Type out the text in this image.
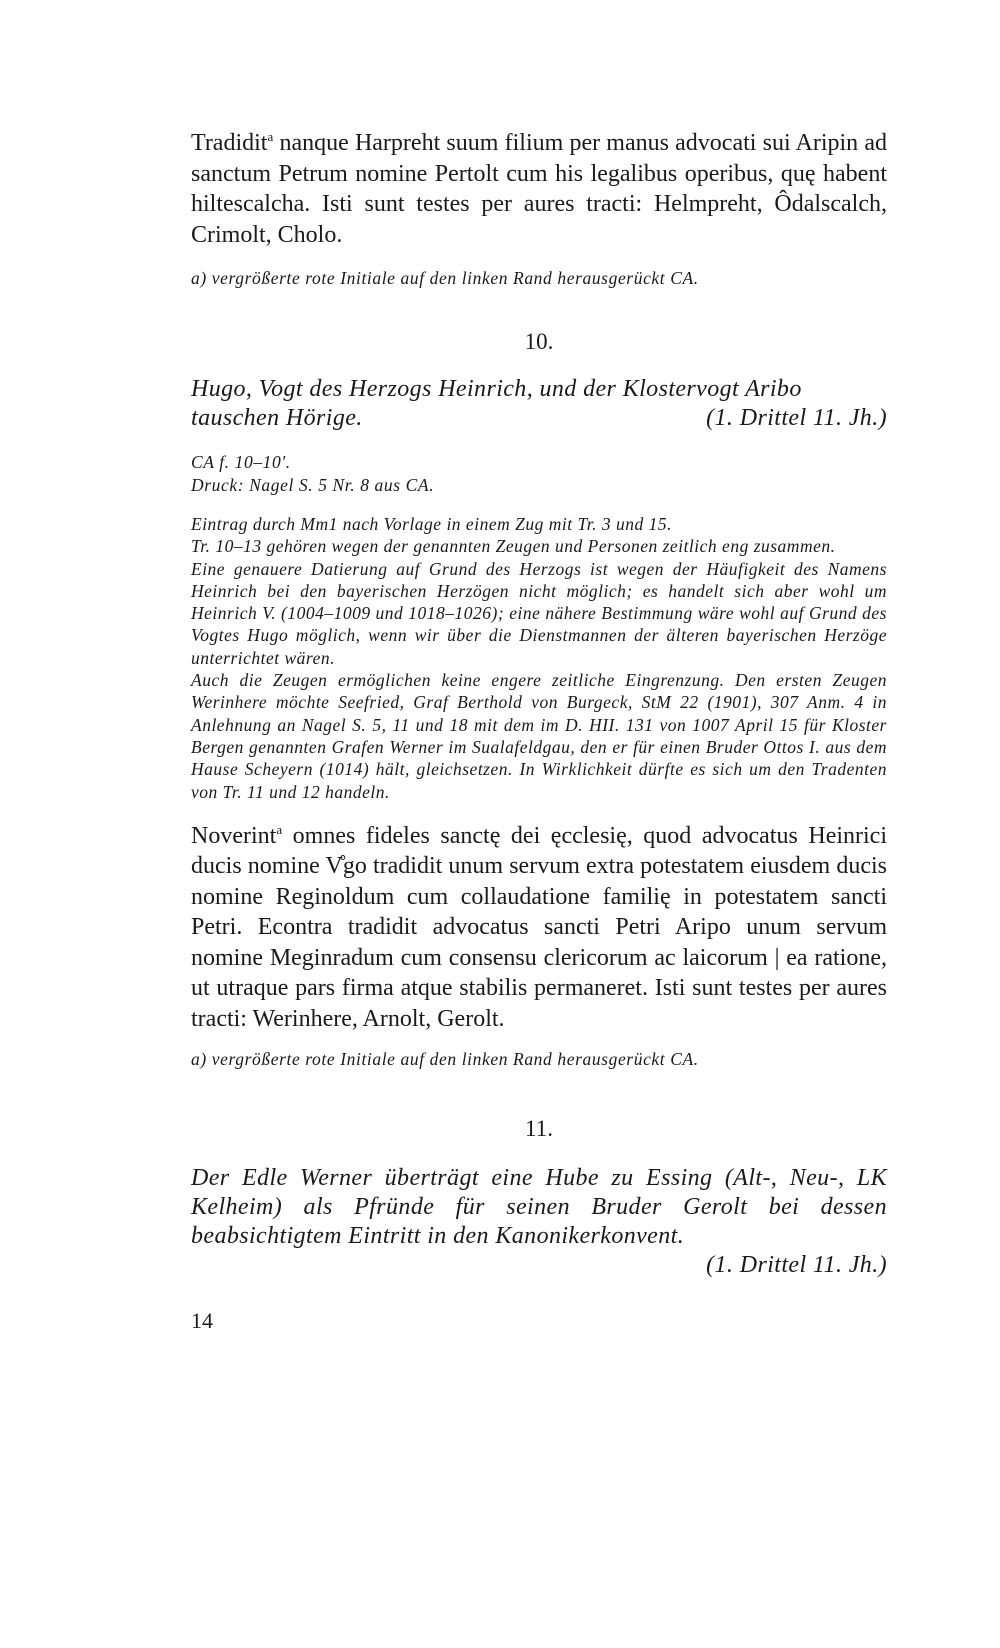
Tradidit$^a$ nanque Harpreht suum filium per manus advocati sui Aripin ad sanctum Petrum nomine Pertolt cum his legalibus operibus, quę habent hiltescalcha. Isti sunt testes per aures tracti: Helmpreht, Ôdalscalch, Crimolt, Cholo.

a) vergrößerte rote Initiale auf den linken Rand herausgerückt CA.

10.

Hugo, Vogt des Herzogs Heinrich, und der Klostervogt Aribo

tauschen Hörige.	(1. Drittel 11. Jh.)

CA f. 10–10'.

Druck: Nagel S. 5 Nr. 8 aus CA.

Eintrag durch Mm1 nach Vorlage in einem Zug mit Tr. 3 und 15.

Tr. 10–13 gehören wegen der genannten Zeugen und Personen zeitlich eng zusammen.

Eine genauere Datierung auf Grund des Herzogs ist wegen der Häufigkeit des Namens Heinrich bei den bayerischen Herzögen nicht möglich; es handelt sich aber wohl um Heinrich V. (1004–1009 und 1018–1026); eine nähere Bestimmung wäre wohl auf Grund des Vogtes Hugo möglich, wenn wir über die Dienstmannen der älteren bayerischen Herzöge unterrichtet wären.

Auch die Zeugen ermöglichen keine engere zeitliche Eingrenzung. Den ersten Zeugen Werinhere möchte Seefried, Graf Berthold von Burgeck, StM 22 (1901), 307 Anm. 4 in Anlehnung an Nagel S. 5, 11 und 18 mit dem im D. HII. 131 von 1007 April 15 für Kloster Bergen genannten Grafen Werner im Sualafeldgau, den er für einen Bruder Ottos I. aus dem Hause Scheyern (1014) hält, gleichsetzen. In Wirklichkeit dürfte es sich um den Tradenten von Tr. 11 und 12 handeln.

Noverint$^a$ omnes fideles sanctę dei ęcclesię, quod advocatus Heinrici ducis nomine V̊go tradidit unum servum extra potestatem eiusdem ducis nomine Reginoldum cum collaudatione familię in potestatem sancti Petri. Econtra tradidit advocatus sancti Petri Aripo unum servum nomine Meginradum cum consensu clericorum ac laicorum | ea ratione, ut utraque pars firma atque stabilis permaneret. Isti sunt testes per aures tracti: Werinhere, Arnolt, Gerolt.

a) vergrößerte rote Initiale auf den linken Rand herausgerückt CA.

11.

Der Edle Werner überträgt eine Hube zu Essing (Alt-, Neu-, LK Kelheim) als Pfründe für seinen Bruder Gerolt bei dessen beabsichtigtem Eintritt in den Kanonikerkonvent.

(1. Drittel 11. Jh.)

14
